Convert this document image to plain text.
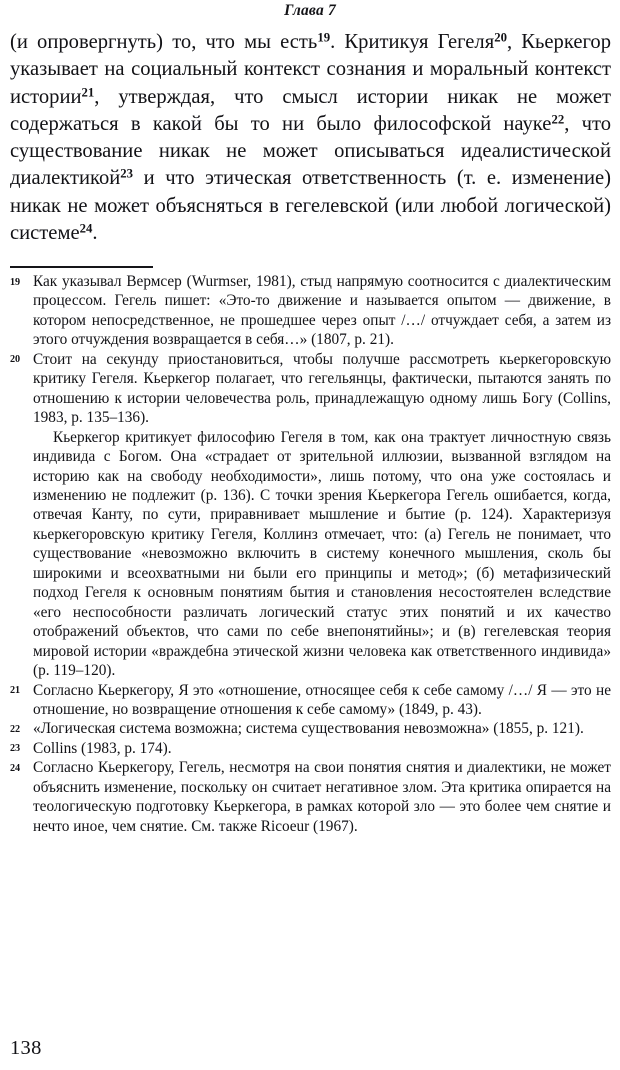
Глава 7

(и опровергнуть) то, что мы есть$^{19}$. Критикуя Гегеля$^{20}$, Кьеркегор указывает на социальный контекст сознания и моральный контекст истории$^{21}$, утверждая, что смысл истории никак не может содержаться в какой бы то ни было философской науке$^{22}$, что существование никак не может описываться идеалистической диалектикой$^{23}$ и что этическая ответственность (т. е. изменение) никак не может объясняться в гегелевской (или любой логической) системе$^{24}$.

19 Как указывал Вермсер (Wurmser, 1981), стыд напрямую соотносится с диалектическим процессом. Гегель пишет: «Это-то движение и называется опытом — движение, в котором непосредственное, не прошедшее через опыт /…/ отчуждает себя, а затем из этого отчуждения возвращается в себя…» (1807, p. 21).
20 Стоит на секунду приостановиться, чтобы получше рассмотреть кьеркегоровскую критику Гегеля. Кьеркегор полагает, что гегельянцы, фактически, пытаются занять по отношению к истории человечества роль, принадлежащую одному лишь Богу (Collins, 1983, p. 135–136).
Кьеркегор критикует философию Гегеля в том, как она трактует личностную связь индивида с Богом. Она «страдает от зрительной иллюзии, вызванной взглядом на историю как на свободу необходимости», лишь потому, что она уже состоялась и изменению не подлежит (p. 136). С точки зрения Кьеркегора Гегель ошибается, когда, отвечая Канту, по сути, приравнивает мышление и бытие (p. 124). Характеризуя кьеркегоровскую критику Гегеля, Коллинз отмечает, что: (а) Гегель не понимает, что существование «невозможно включить в систему конечного мышления, сколь бы широкими и всеохватными ни были его принципы и метод»; (б) метафизический подход Гегеля к основным понятиям бытия и становления несостоятелен вследствие «его неспособности различать логический статус этих понятий и их качество отображений объектов, что сами по себе внепонятийны»; и (в) гегелевская теория мировой истории «враждебна этической жизни человека как ответственного индивида» (p. 119–120).
21 Согласно Кьеркегору, Я это «отношение, относящее себя к себе самому /…/ Я — это не отношение, но возвращение отношения к себе самому» (1849, p. 43).
22 «Логическая система возможна; система существования невозможна» (1855, p. 121).
23 Collins (1983, p. 174).
24 Согласно Кьеркегору, Гегель, несмотря на свои понятия снятия и диалектики, не может объяснить изменение, поскольку он считает негативное злом. Эта критика опирается на теологическую подготовку Кьеркегора, в рамках которой зло — это более чем снятие и нечто иное, чем снятие. См. также Ricoeur (1967).
138
